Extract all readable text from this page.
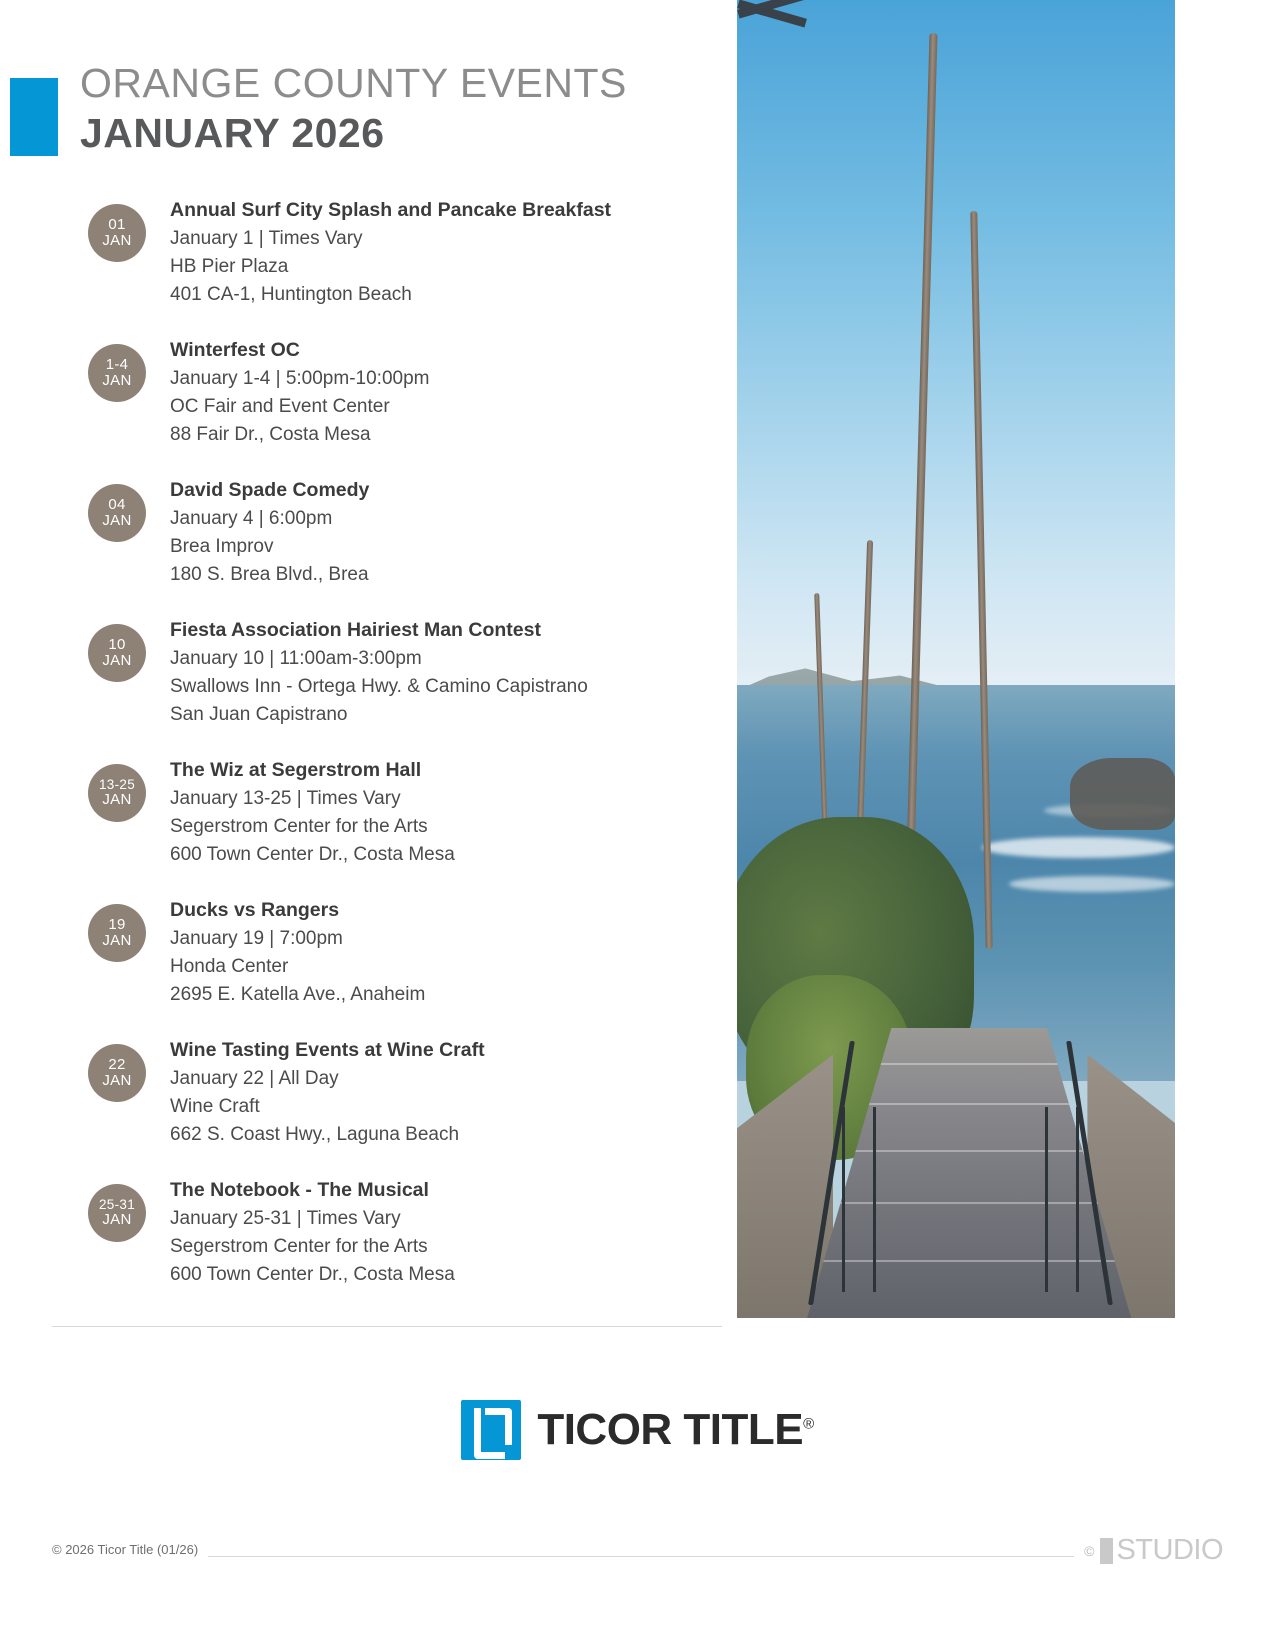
ORANGE COUNTY EVENTS
JANUARY 2026
01
JAN
Annual Surf City Splash and Pancake Breakfast
January 1 | Times Vary
HB Pier Plaza
401 CA-1, Huntington Beach
1-4
JAN
Winterfest OC
January 1-4 | 5:00pm-10:00pm
OC Fair and Event Center
88 Fair Dr., Costa Mesa
04
JAN
David Spade Comedy
January 4 | 6:00pm
Brea Improv
180 S. Brea Blvd., Brea
10
JAN
Fiesta Association Hairiest Man Contest
January 10 | 11:00am-3:00pm
Swallows Inn - Ortega Hwy. & Camino Capistrano
San Juan Capistrano
13-25
JAN
The Wiz at Segerstrom Hall
January 13-25 | Times Vary
Segerstrom Center for the Arts
600 Town Center Dr., Costa Mesa
19
JAN
Ducks vs Rangers
January 19 | 7:00pm
Honda Center
2695 E. Katella Ave., Anaheim
22
JAN
Wine Tasting Events at Wine Craft
January 22 | All Day
Wine Craft
662 S. Coast Hwy., Laguna Beach
25-31
JAN
The Notebook - The Musical
January 25-31 | Times Vary
Segerstrom Center for the Arts
600 Town Center Dr., Costa Mesa
TICOR TITLE®
© 2026 Ticor Title (01/26)	© STUDIO
